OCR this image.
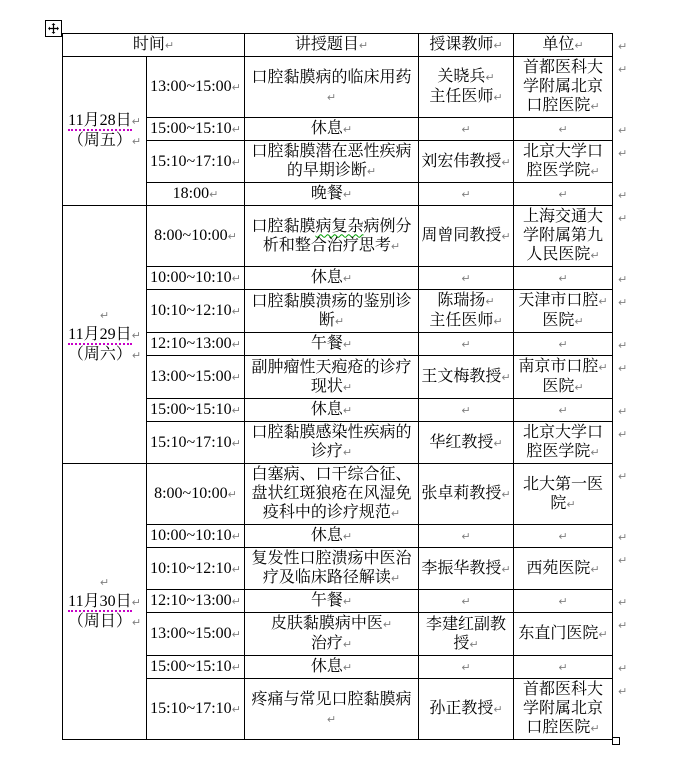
时间↵		讲授题目↵	授课教师↵	单位↵	↵

11月28日↵
（周五）↵	13:00~15:00↵	口腔黏膜病的临床用药↵	关晓兵↵
主任医师↵	首都医科大学附属北京口腔医院↵	↵

	15:00~15:10↵	休息↵	↵	↵	↵

	15:10~17:10↵	口腔黏膜潜在恶性疾病的早期诊断↵	刘宏伟教授↵	北京大学口腔医学院↵	↵

	18:00↵	晚餐↵	↵	↵	↵

↵
11月29日↵
（周六）↵	8:00~10:00↵	口腔黏膜病复杂病例分析和整合治疗思考↵	周曾同教授↵	上海交通大学附属第九人民医院↵	↵

	10:00~10:10↵	休息↵	↵	↵	↵

	10:10~12:10↵	口腔黏膜溃疡的鉴别诊断↵	陈瑞扬↵
主任医师↵	天津市口腔↵
医院↵	↵

	12:10~13:00↵	午餐↵	↵	↵	↵

	13:00~15:00↵	副肿瘤性天疱疮的诊疗现状↵	王文梅教授↵	南京市口腔↵
医院↵	↵

	15:00~15:10↵	休息↵	↵	↵	↵

	15:10~17:10↵	口腔黏膜感染性疾病的诊疗↵	华红教授↵	北京大学口腔医学院↵	↵

↵
11月30日↵
（周日）↵	8:00~10:00↵	白塞病、口干综合征、盘状红斑狼疮在风湿免疫科中的诊疗规范↵	张卓莉教授↵	北大第一医院↵	↵

	10:00~10:10↵	休息↵	↵	↵	↵

	10:10~12:10↵	复发性口腔溃疡中医治疗及临床路径解读↵	李振华教授↵	西苑医院↵	↵

	12:10~13:00↵	午餐↵	↵	↵	↵

	13:00~15:00↵	皮肤黏膜病中医↵
治疗↵	李建红副教授↵	东直门医院↵	↵

	15:00~15:10↵	休息↵	↵	↵	↵

	15:10~17:10↵	疼痛与常见口腔黏膜病↵	孙正教授↵	首都医科大学附属北京口腔医院↵	↵
